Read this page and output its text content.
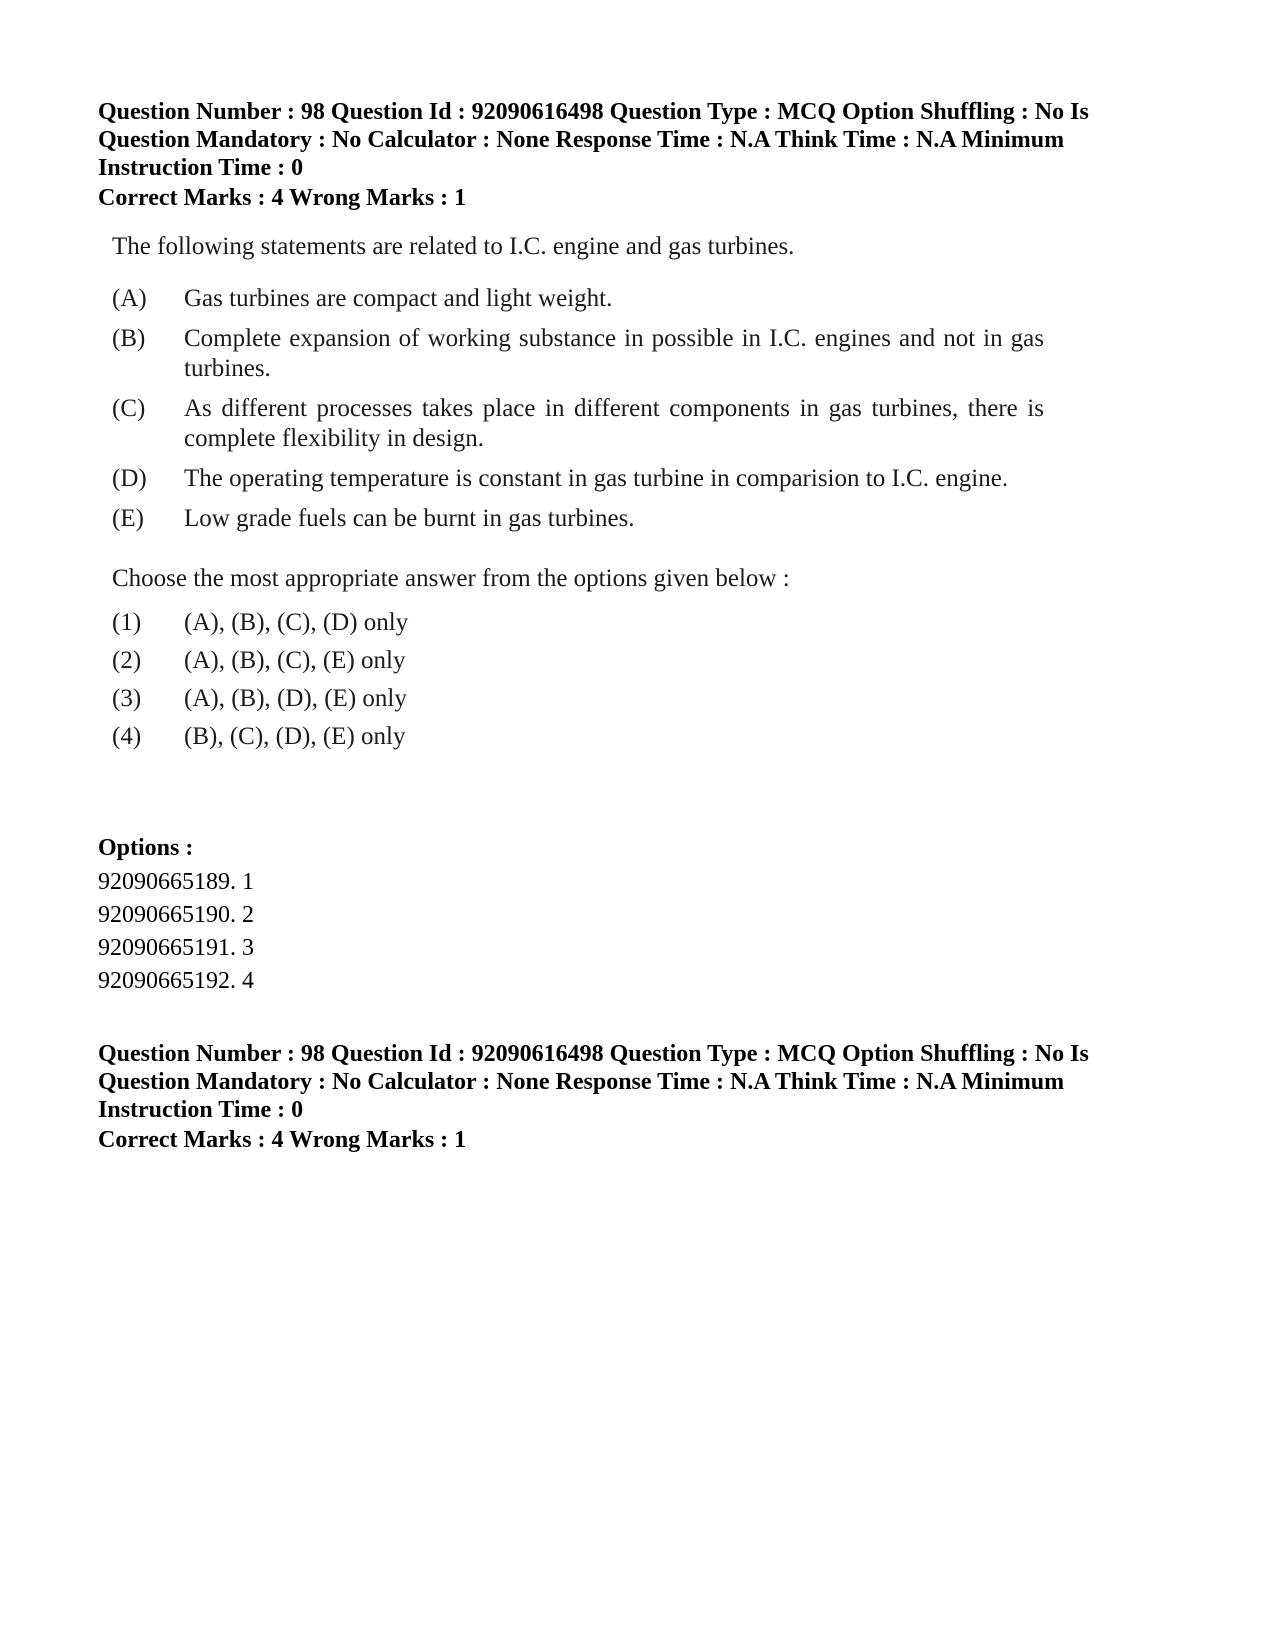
Question Number : 98 Question Id : 92090616498 Question Type : MCQ Option Shuffling : No Is
Question Mandatory : No Calculator : None Response Time : N.A Think Time : N.A Minimum
Instruction Time : 0
Correct Marks : 4 Wrong Marks : 1
The following statements are related to I.C. engine and gas turbines.
(A) Gas turbines are compact and light weight.
(B) Complete expansion of working substance in possible in I.C. engines and not in gas turbines.
(C) As different processes takes place in different components in gas turbines, there is complete flexibility in design.
(D) The operating temperature is constant in gas turbine in comparision to I.C. engine.
(E) Low grade fuels can be burnt in gas turbines.
Choose the most appropriate answer from the options given below :
(1) (A), (B), (C), (D) only
(2) (A), (B), (C), (E) only
(3) (A), (B), (D), (E) only
(4) (B), (C), (D), (E) only
Options :
92090665189. 1
92090665190. 2
92090665191. 3
92090665192. 4
Question Number : 98 Question Id : 92090616498 Question Type : MCQ Option Shuffling : No Is
Question Mandatory : No Calculator : None Response Time : N.A Think Time : N.A Minimum
Instruction Time : 0
Correct Marks : 4 Wrong Marks : 1
